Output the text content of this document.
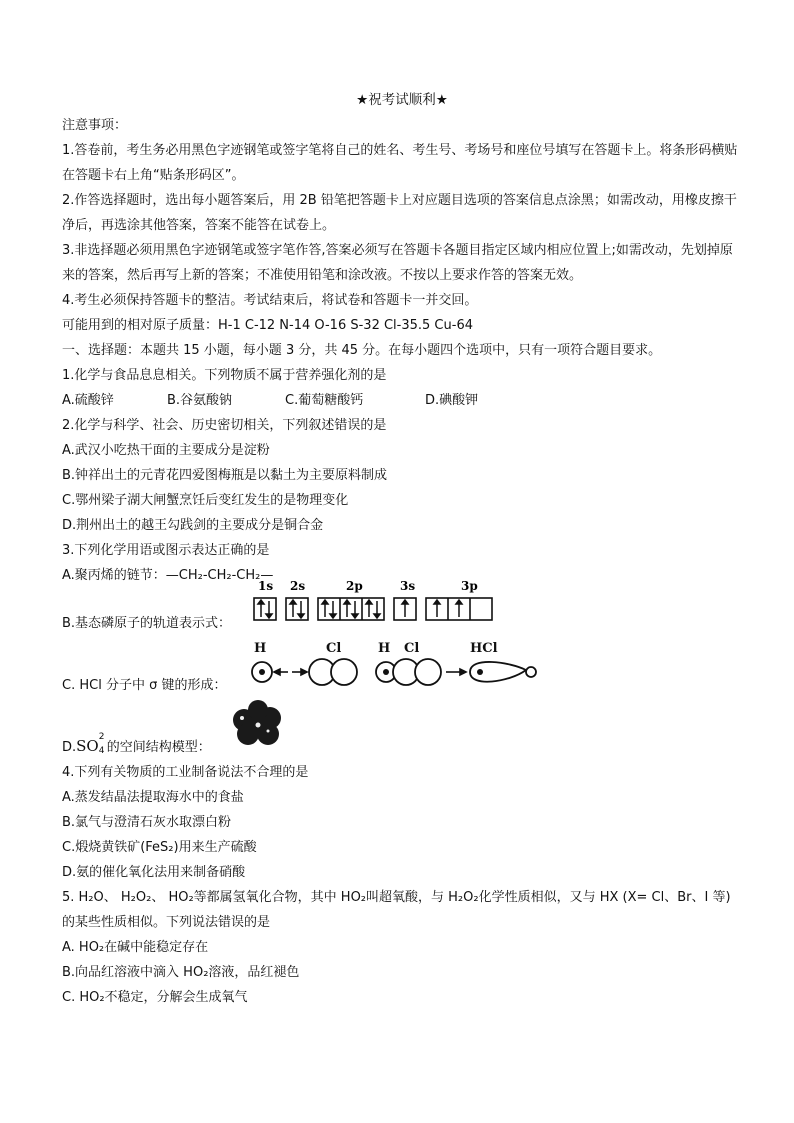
★祝考试顺利★
注意事项：
1.答卷前，考生务必用黑色字迹钢笔或签字笔将自己的姓名、考生号、考场号和座位号填写在答题卡上。将条形码横贴在答题卡右上角“贴条形码区”。
2.作答选择题时，选出每小题答案后，用 2B 铅笔把答题卡上对应题目选项的答案信息点涂黑；如需改动，用橡皮擦干净后，再选涂其他答案，答案不能答在试卷上。
3.非选择题必须用黑色字迹钢笔或签字笔作答,答案必须写在答题卡各题目指定区域内相应位置上;如需改动，先划掉原来的答案，然后再写上新的答案；不准使用铅笔和涂改液。不按以上要求作答的答案无效。
4.考生必须保持答题卡的整洁。考试结束后，将试卷和答题卡一并交回。
可能用到的相对原子质量：H-1 C-12 N-14 O-16 S-32 Cl-35.5 Cu-64
一、选择题：本题共 15 小题，每小题 3 分，共 45 分。在每小题四个选项中，只有一项符合题目要求。
1.化学与食品息息相关。下列物质不属于营养强化剂的是
A.硫酸锌	B.谷氨酸钠	C.葡萄糖酸钙	D.碘酸钾
2.化学与科学、社会、历史密切相关，下列叙述错误的是
A.武汉小吃热干面的主要成分是淀粉
B.钟祥出土的元青花四爱图梅瓶是以黏土为主要原料制成
C.鄂州梁子湖大闸蟹烹饪后变红发生的是物理变化
D.荆州出土的越王勾践剑的主要成分是铜合金
3.下列化学用语或图示表达正确的是
A.聚丙烯的链节：—CH₂-CH₂-CH₂—
B.基态磷原子的轨道表示式：
1s 2s	2p	3s	3p
C. HCl 分子中 σ 键的形成：
H	Cl	H Cl	HCl
D.SO 2
4 的空间结构模型：
4.下列有关物质的工业制备说法不合理的是
A.蒸发结晶法提取海水中的食盐
B.氯气与澄清石灰水取漂白粉
C.煅烧黄铁矿(FeS₂)用来生产硫酸
D.氨的催化氧化法用来制备硝酸
5. H₂O、 H₂O₂、 HO₂等都属氢氧化合物，其中 HO₂叫超氧酸，与 H₂O₂化学性质相似，又与 HX (X= Cl、Br、I 等)的某些性质相似。下列说法错误的是
A. HO₂在碱中能稳定存在
B.向品红溶液中滴入 HO₂溶液，品红褪色
C. HO₂不稳定，分解会生成氧气
